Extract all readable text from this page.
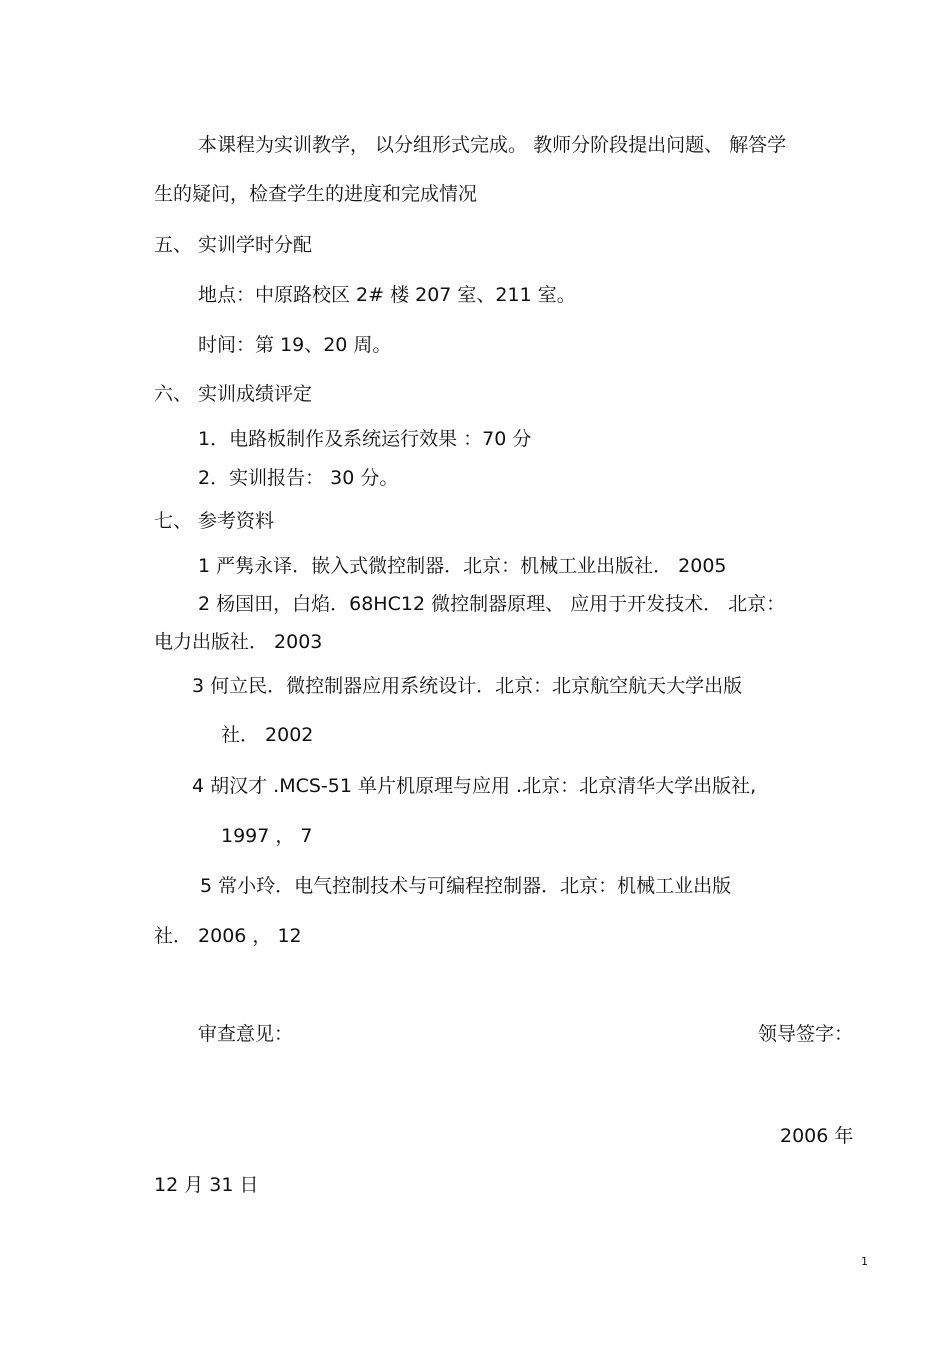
本课程为实训教学， 以分组形式完成。 教师分阶段提出问题、 解答学
生的疑问，检查学生的进度和完成情况
五、 实训学时分配
地点：中原路校区 2# 楼 207 室、211 室。
时间：第 19、20 周。
六、 实训成绩评定
1．电路板制作及系统运行效果 ：70 分
2．实训报告： 30 分。
七、 参考资料
1 严隽永译．嵌入式微控制器．北京：机械工业出版社． 2005
2 杨国田，白焰．68HC12 微控制器原理、 应用于开发技术． 北京：
电力出版社． 2003
3 何立民．微控制器应用系统设计．北京：北京航空航天大学出版
社． 2002
4 胡汉才 .MCS-51 单片机原理与应用 .北京：北京清华大学出版社,
1997 ， 7
5 常小玲．电气控制技术与可编程控制器．北京：机械工业出版
社． 2006 ， 12
审查意见：	领导签字：
2006 年
12 月 31 日
1
